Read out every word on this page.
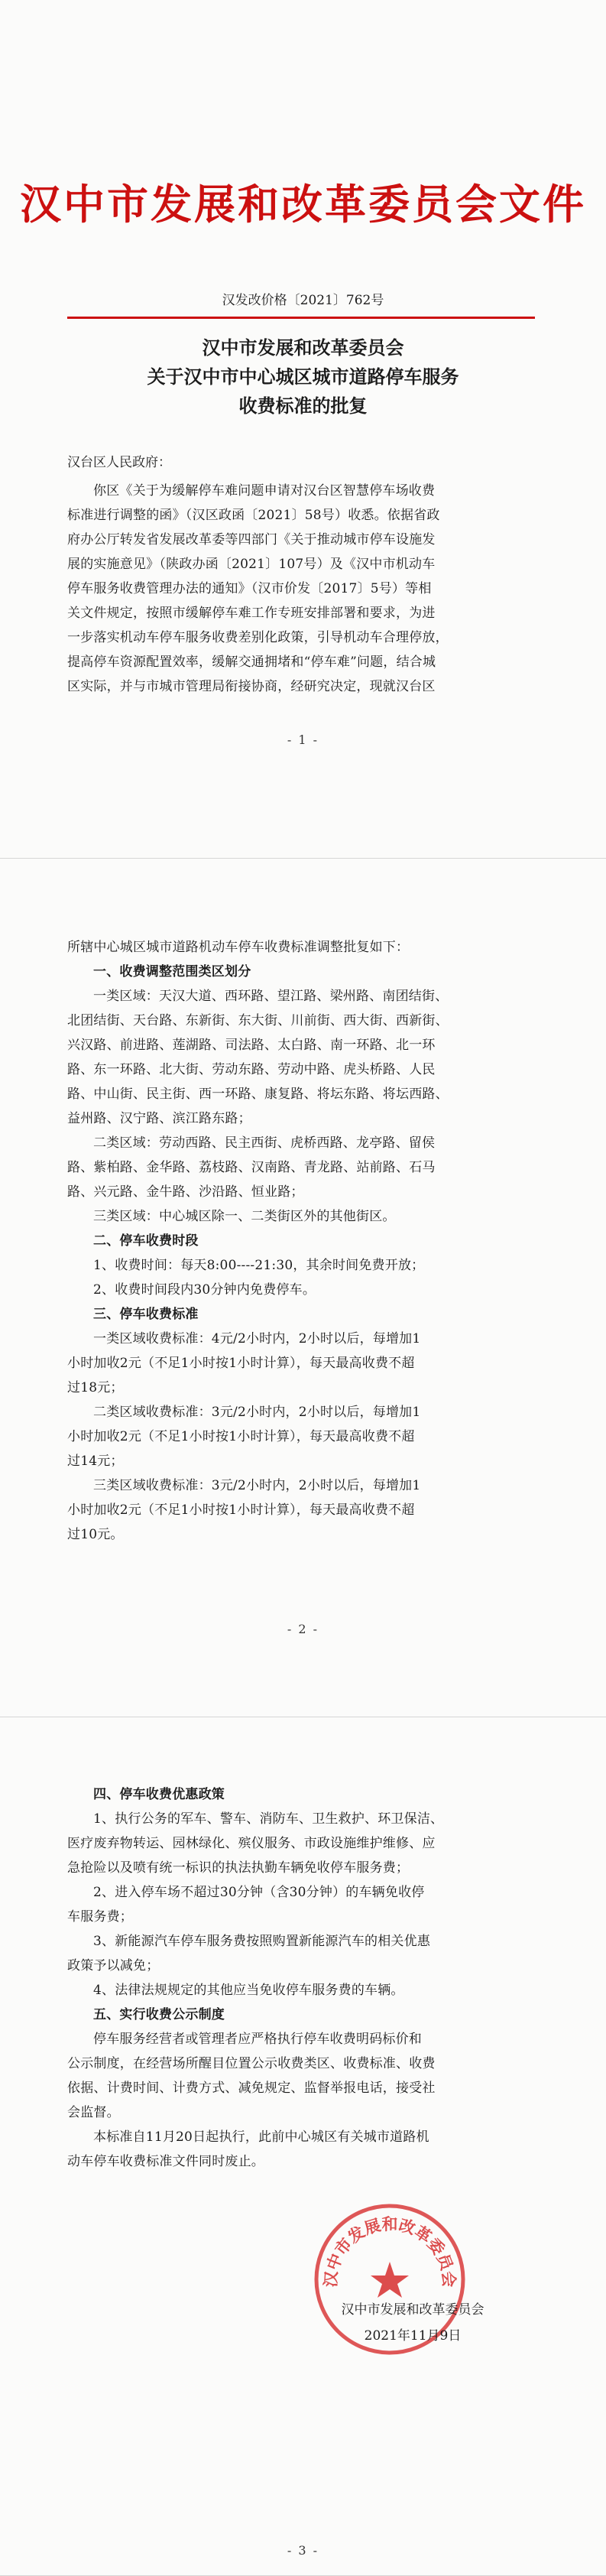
汉中市发展和改革委员会文件
汉发改价格〔2021〕762号
汉中市发展和改革委员会
关于汉中市中心城区城市道路停车服务
收费标准的批复
汉台区人民政府：
你区《关于为缓解停车难问题申请对汉台区智慧停车场收费
标准进行调整的函》（汉区政函〔2021〕58号）收悉。依据省政
府办公厅转发省发展改革委等四部门《关于推动城市停车设施发
展的实施意见》（陕政办函〔2021〕107号）及《汉中市机动车
停车服务收费管理办法的通知》（汉市价发〔2017〕5号）等相
关文件规定，按照市缓解停车难工作专班安排部署和要求，为进
一步落实机动车停车服务收费差别化政策，引导机动车合理停放，
提高停车资源配置效率，缓解交通拥堵和“停车难”问题，结合城
区实际，并与市城市管理局衔接协商，经研究决定，现就汉台区
- 1 -
所辖中心城区城市道路机动车停车收费标准调整批复如下：
一、收费调整范围类区划分
一类区域：天汉大道、西环路、望江路、梁州路、南团结街、
北团结街、天台路、东新街、东大街、川前街、西大街、西新街、
兴汉路、前进路、莲湖路、司法路、太白路、南一环路、北一环
路、东一环路、北大街、劳动东路、劳动中路、虎头桥路、人民
路、中山街、民主街、西一环路、康复路、将坛东路、将坛西路、
益州路、汉宁路、滨江路东路；
二类区域：劳动西路、民主西街、虎桥西路、龙亭路、留侯
路、紫柏路、金华路、荔枝路、汉南路、青龙路、站前路、石马
路、兴元路、金牛路、沙沿路、恒业路；
三类区域：中心城区除一、二类街区外的其他街区。
二、停车收费时段
1、收费时间：每天8:00----21:30，其余时间免费开放；
2、收费时间段内30分钟内免费停车。
三、停车收费标准
一类区域收费标准：4元/2小时内，2小时以后，每增加1
小时加收2元（不足1小时按1小时计算），每天最高收费不超
过18元；
二类区域收费标准：3元/2小时内，2小时以后，每增加1
小时加收2元（不足1小时按1小时计算），每天最高收费不超
过14元；
三类区域收费标准：3元/2小时内，2小时以后，每增加1
小时加收2元（不足1小时按1小时计算），每天最高收费不超
过10元。
- 2 -
四、停车收费优惠政策
1、执行公务的军车、警车、消防车、卫生救护、环卫保洁、
医疗废弃物转运、园林绿化、殡仪服务、市政设施维护维修、应
急抢险以及喷有统一标识的执法执勤车辆免收停车服务费；
2、进入停车场不超过30分钟（含30分钟）的车辆免收停
车服务费；
3、新能源汽车停车服务费按照购置新能源汽车的相关优惠
政策予以减免；
4、法律法规规定的其他应当免收停车服务费的车辆。
五、实行收费公示制度
停车服务经营者或管理者应严格执行停车收费明码标价和
公示制度，在经营场所醒目位置公示收费类区、收费标准、收费
依据、计费时间、计费方式、减免规定、监督举报电话，接受社
会监督。
本标准自11月20日起执行，此前中心城区有关城市道路机
动车停车收费标准文件同时废止。
汉中市发展和改革委员会
汉中市发展和改革委员会
2021年11月9日
- 3 -
